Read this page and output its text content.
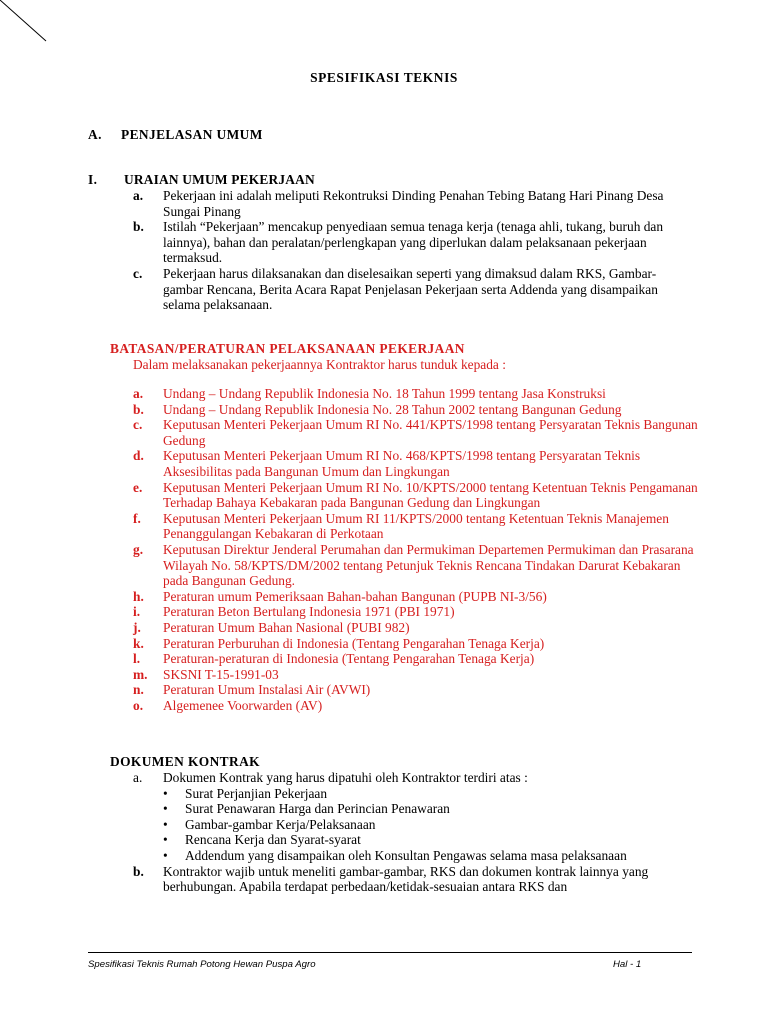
SPESIFIKASI TEKNIS
A.	PENJELASAN UMUM
I.	URAIAN UMUM PEKERJAAN
a.	Pekerjaan ini adalah meliputi Rekontruksi Dinding Penahan Tebing Batang Hari Pinang Desa Sungai Pinang
b.	Istilah “Pekerjaan” mencakup penyediaan semua tenaga kerja (tenaga ahli, tukang, buruh dan lainnya), bahan dan peralatan/perlengkapan yang diperlukan dalam pelaksanaan pekerjaan termaksud.
c.	Pekerjaan harus dilaksanakan dan diselesaikan seperti yang dimaksud dalam RKS, Gambar-gambar Rencana, Berita Acara Rapat Penjelasan Pekerjaan serta Addenda yang disampaikan selama pelaksanaan.
BATASAN/PERATURAN PELAKSANAAN PEKERJAAN
Dalam melaksanakan pekerjaannya Kontraktor harus tunduk kepada :
a.	Undang – Undang Republik Indonesia No. 18 Tahun 1999 tentang Jasa Konstruksi
b.	Undang – Undang Republik Indonesia No. 28 Tahun 2002 tentang Bangunan Gedung
c.	Keputusan Menteri Pekerjaan Umum RI No. 441/KPTS/1998 tentang Persyaratan Teknis Bangunan Gedung
d.	Keputusan Menteri Pekerjaan Umum RI No. 468/KPTS/1998 tentang Persyaratan Teknis Aksesibilitas pada Bangunan Umum dan Lingkungan
e.	Keputusan Menteri Pekerjaan Umum RI No. 10/KPTS/2000 tentang Ketentuan Teknis Pengamanan Terhadap Bahaya Kebakaran pada Bangunan Gedung dan Lingkungan
f.	Keputusan Menteri Pekerjaan Umum RI 11/KPTS/2000 tentang Ketentuan Teknis Manajemen Penanggulangan Kebakaran di Perkotaan
g.	Keputusan Direktur Jenderal Perumahan dan Permukiman Departemen Permukiman dan Prasarana Wilayah No. 58/KPTS/DM/2002 tentang Petunjuk Teknis Rencana Tindakan Darurat Kebakaran pada Bangunan Gedung.
h.	Peraturan umum Pemeriksaan Bahan-bahan Bangunan (PUPB NI-3/56)
i.	Peraturan Beton Bertulang Indonesia 1971 (PBI 1971)
j.	Peraturan Umum Bahan Nasional (PUBI 982)
k.	Peraturan Perburuhan di Indonesia (Tentang Pengarahan Tenaga Kerja)
l.	Peraturan-peraturan di Indonesia (Tentang Pengarahan Tenaga Kerja)
m.	SKSNI T-15-1991-03
n.	Peraturan Umum Instalasi Air (AVWI)
o.	Algemenee Voorwarden (AV)
DOKUMEN KONTRAK
a.	Dokumen Kontrak yang harus dipatuhi oleh Kontraktor terdiri atas :
•	Surat Perjanjian Pekerjaan
•	Surat Penawaran Harga dan Perincian Penawaran
•	Gambar-gambar Kerja/Pelaksanaan
•	Rencana Kerja dan Syarat-syarat
•	Addendum yang disampaikan oleh Konsultan Pengawas selama masa pelaksanaan
b.	Kontraktor wajib untuk meneliti gambar-gambar, RKS dan dokumen kontrak lainnya yang berhubungan. Apabila terdapat perbedaan/ketidak-sesuaian antara RKS dan
Spesifikasi Teknis Rumah Potong Hewan Puspa Agro	Hal - 1
